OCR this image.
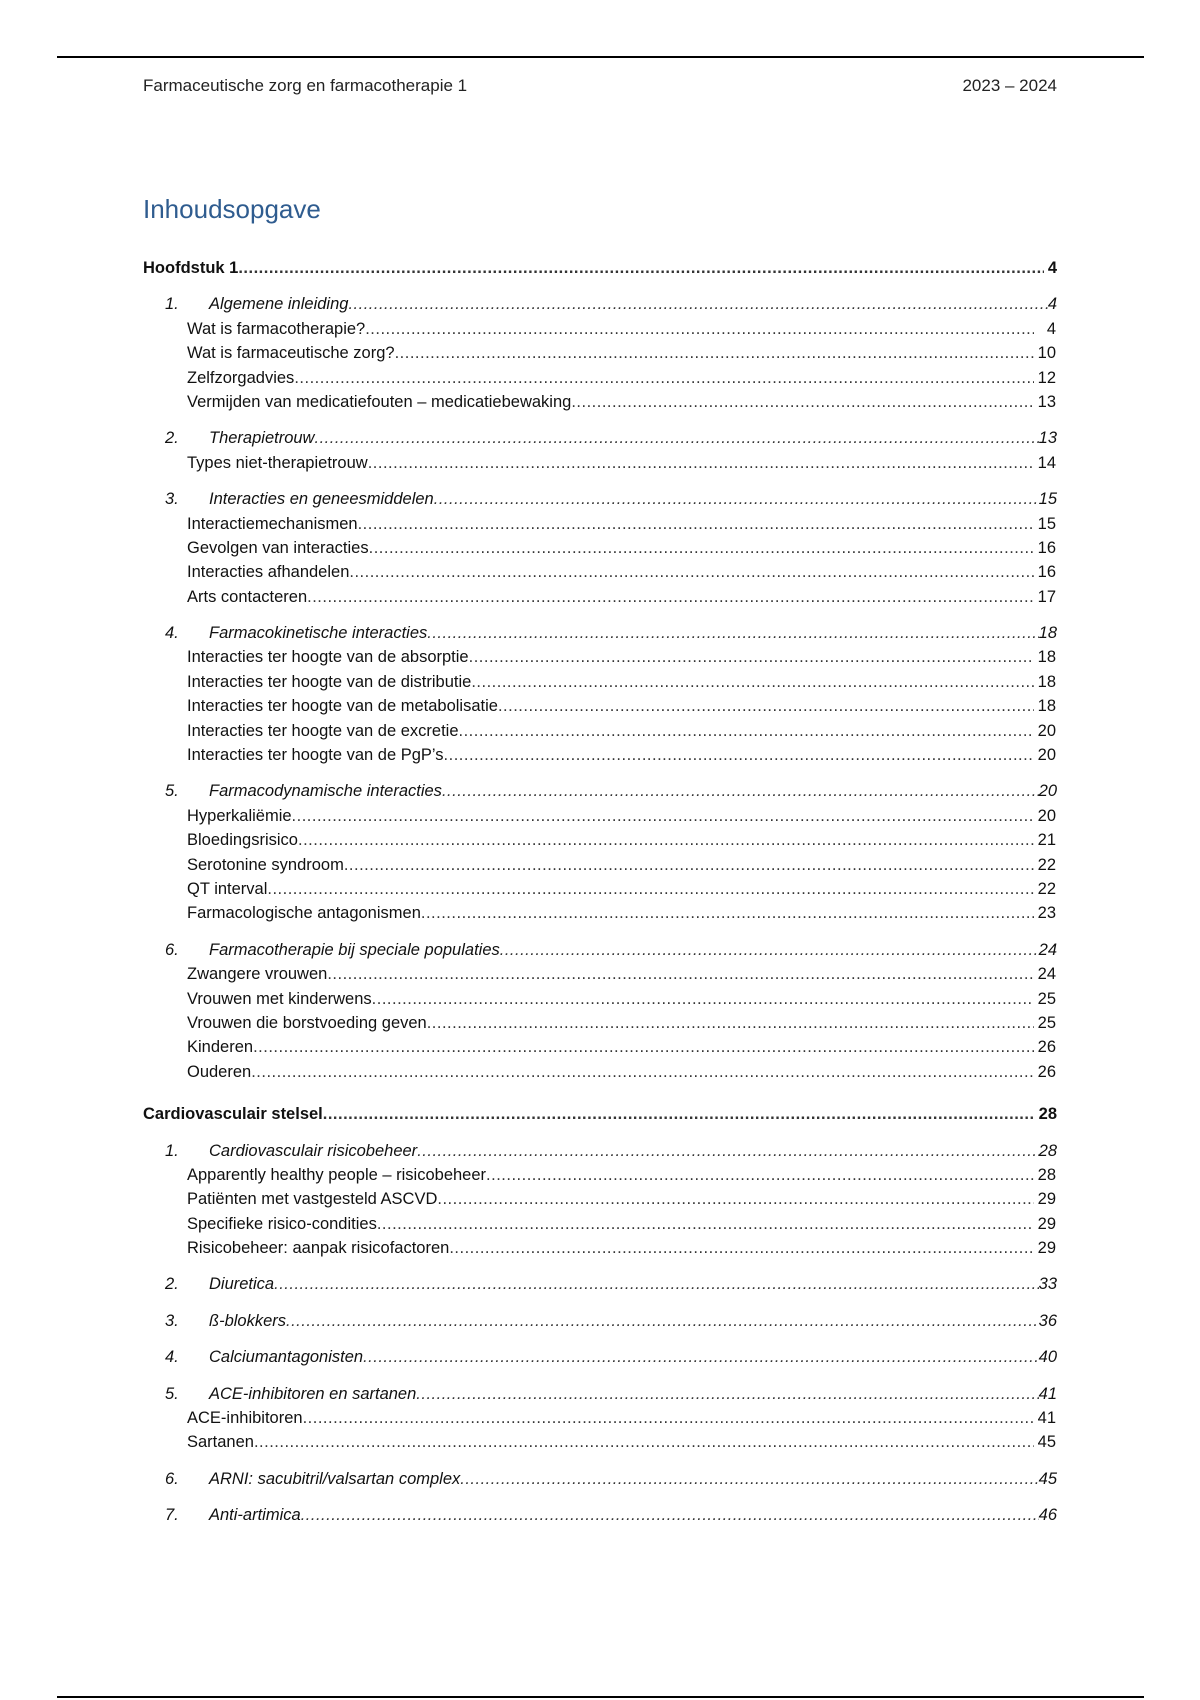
Farmaceutische zorg en farmacotherapie 1	2023 – 2024
Inhoudsopgave
Hoofdstuk 1 .....	4
1. Algemene inleiding .....	4
Wat is farmacotherapie? .....	4
Wat is farmaceutische zorg? .....	10
Zelfzorgadvies .....	12
Vermijden van medicatiefouten – medicatiebewaking .....	13
2. Therapietrouw .....	13
Types niet-therapietrouw .....	14
3. Interacties en geneesmiddelen .....	15
Interactiemechanismen .....	15
Gevolgen van interacties .....	16
Interacties afhandelen .....	16
Arts contacteren .....	17
4. Farmacokinetische interacties .....	18
Interacties ter hoogte van de absorptie .....	18
Interacties ter hoogte van de distributie .....	18
Interacties ter hoogte van de metabolisatie .....	18
Interacties ter hoogte van de excretie .....	20
Interacties ter hoogte van de PgP’s .....	20
5. Farmacodynamische interacties .....	20
Hyperkaliëmie .....	20
Bloedingsrisico .....	21
Serotonine syndroom .....	22
QT interval .....	22
Farmacologische antagonismen .....	23
6. Farmacotherapie bij speciale populaties .....	24
Zwangere vrouwen .....	24
Vrouwen met kinderwens .....	25
Vrouwen die borstvoeding geven .....	25
Kinderen .....	26
Ouderen .....	26
Cardiovasculair stelsel .....	28
1. Cardiovasculair risicobeheer .....	28
Apparently healthy people – risicobeheer .....	28
Patiënten met vastgesteld ASCVD .....	29
Specifieke risico-condities .....	29
Risicobeheer: aanpak risicofactoren .....	29
2. Diuretica .....	33
3. ß-blokkers .....	36
4. Calciumantagonisten .....	40
5. ACE-inhibitoren en sartanen .....	41
ACE-inhibitoren .....	41
Sartanen .....	45
6. ARNI: sacubitril/valsartan complex .....	45
7. Anti-artimica .....	46
